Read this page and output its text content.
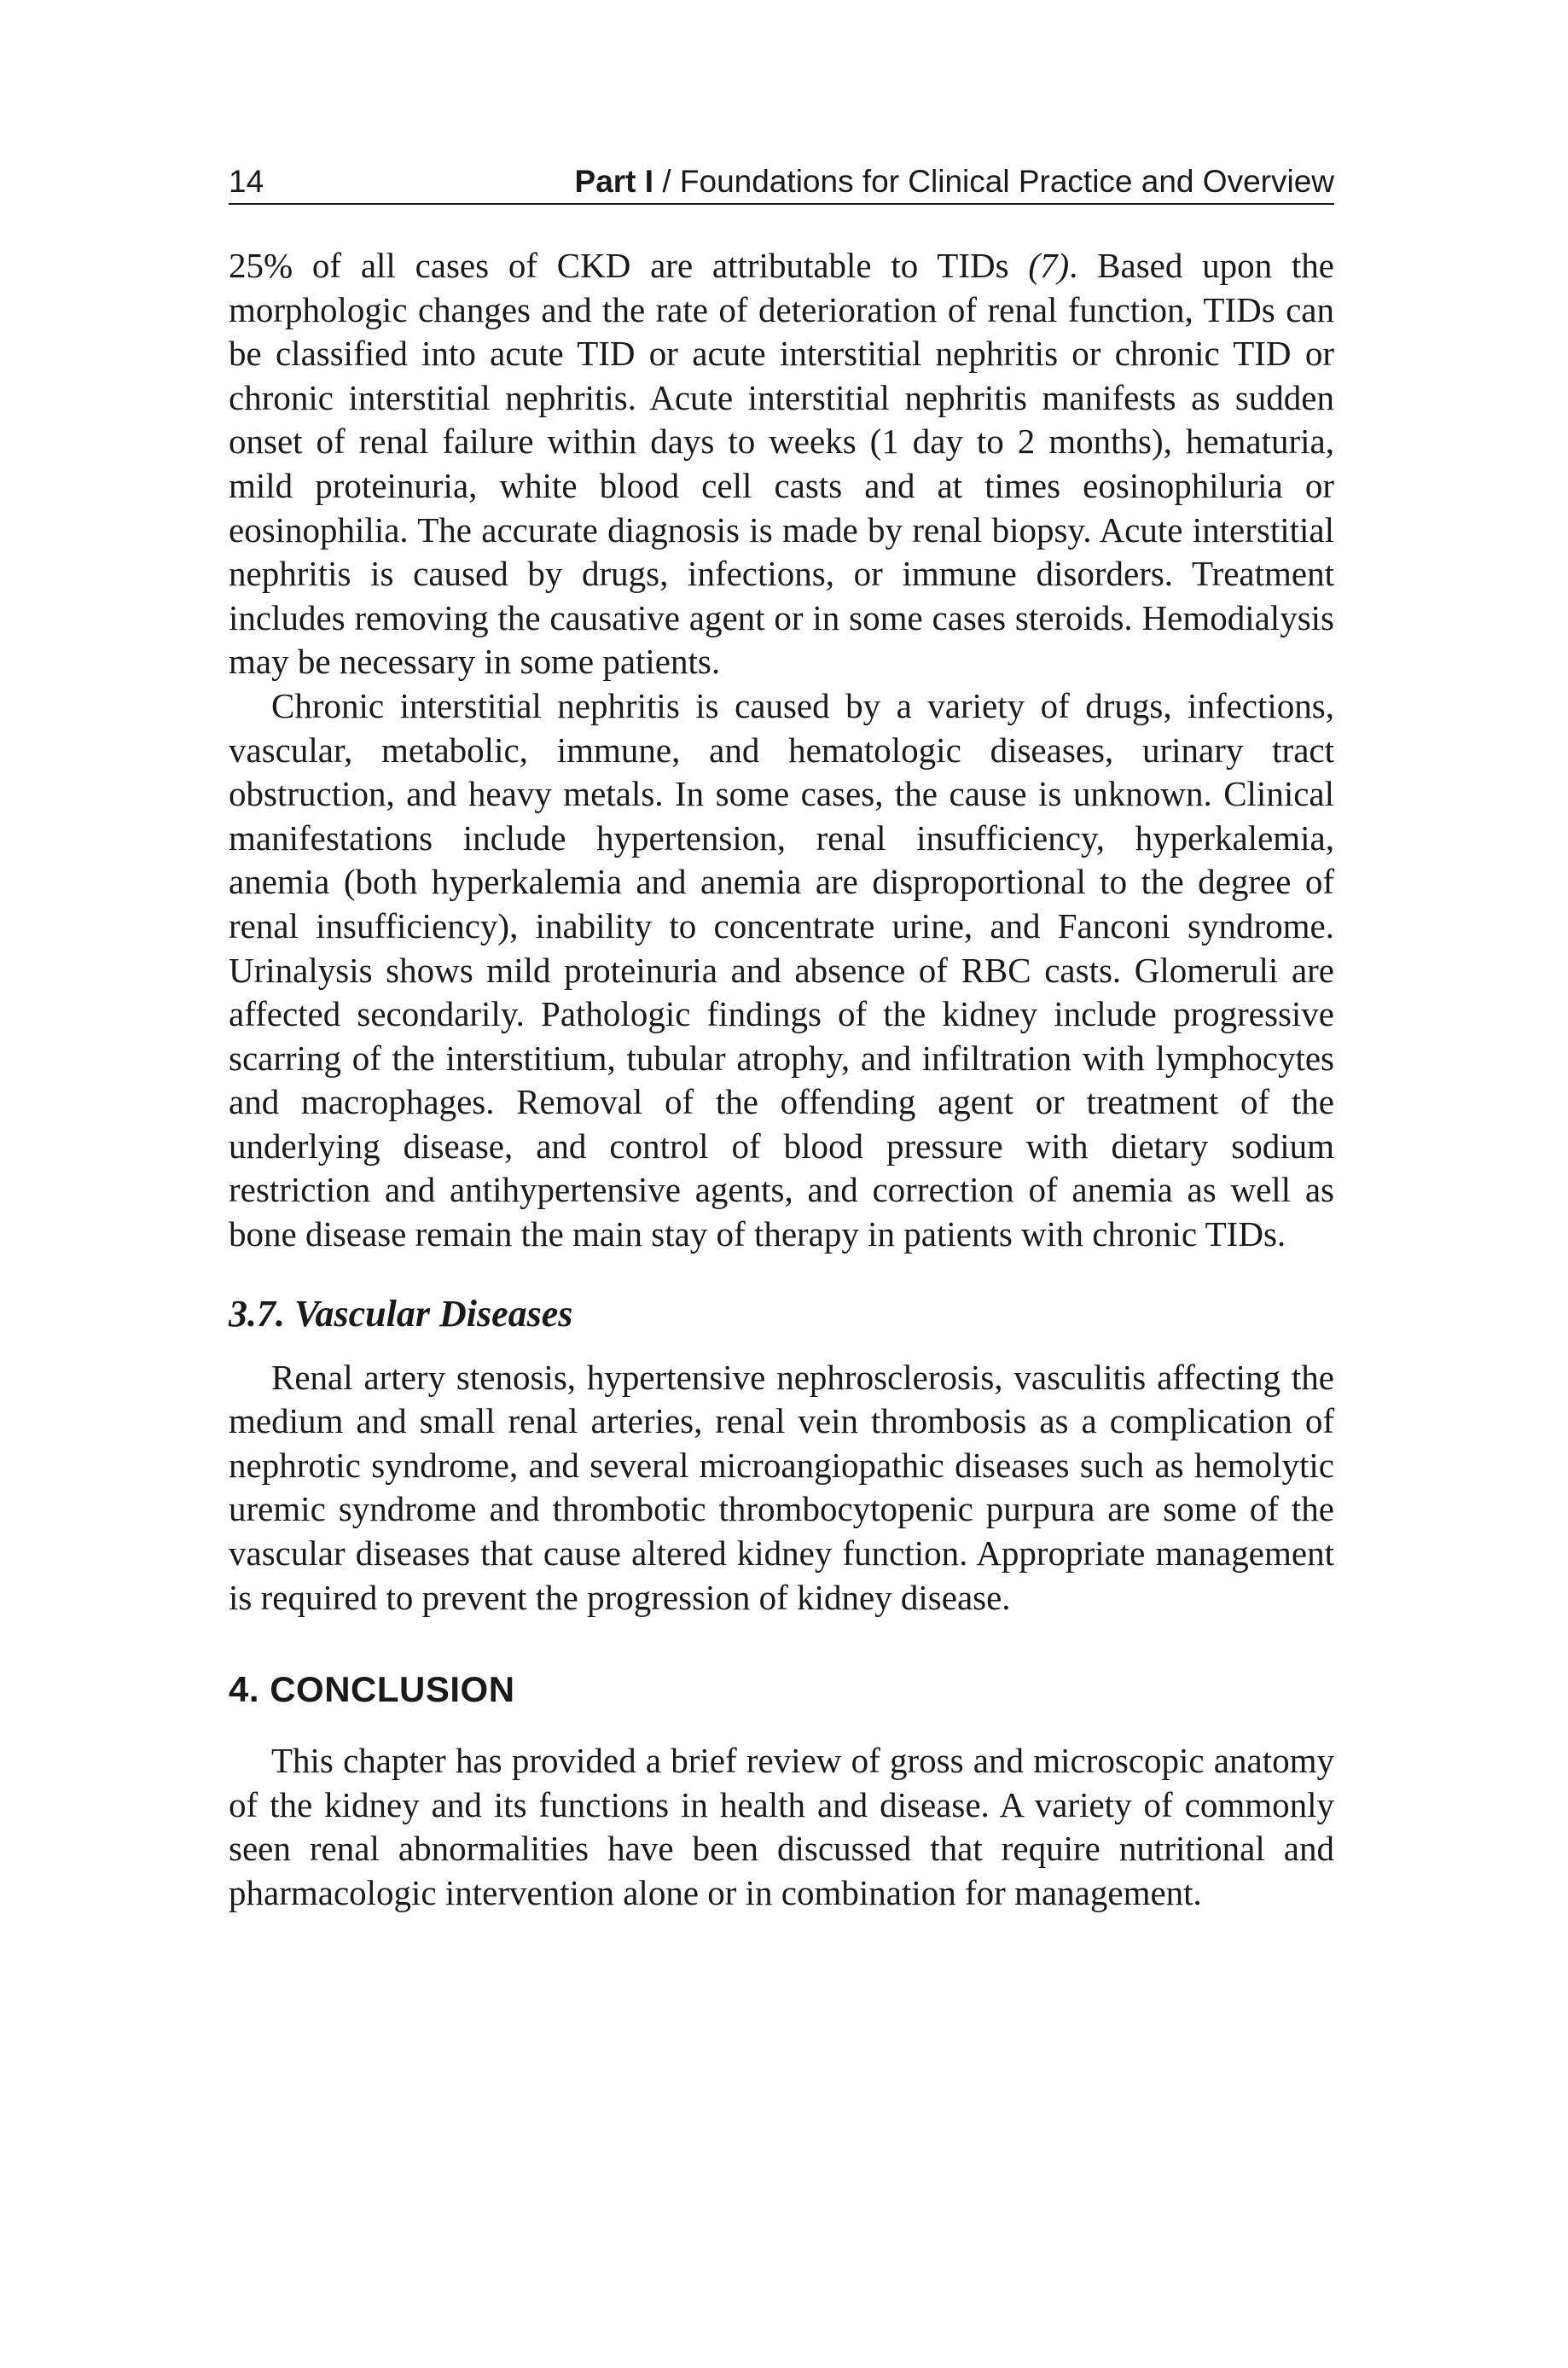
14	Part I / Foundations for Clinical Practice and Overview

25% of all cases of CKD are attributable to TIDs (7). Based upon the morphologic changes and the rate of deterioration of renal function, TIDs can be classified into acute TID or acute interstitial nephritis or chronic TID or chronic interstitial nephritis. Acute interstitial nephritis manifests as sudden onset of renal failure within days to weeks (1 day to 2 months), hematuria, mild proteinuria, white blood cell casts and at times eosinophiluria or eosinophilia. The accurate diagnosis is made by renal biopsy. Acute interstitial nephritis is caused by drugs, infections, or immune disorders. Treatment includes removing the causative agent or in some cases steroids. Hemodialysis may be necessary in some patients.

Chronic interstitial nephritis is caused by a variety of drugs, infections, vascular, metabolic, immune, and hematologic diseases, urinary tract obstruction, and heavy metals. In some cases, the cause is unknown. Clinical manifestations include hypertension, renal insufficiency, hyperkalemia, anemia (both hyperkalemia and anemia are disproportional to the degree of renal insufficiency), inability to concentrate urine, and Fanconi syndrome. Urinalysis shows mild proteinuria and absence of RBC casts. Glomeruli are affected secondarily. Pathologic findings of the kidney include progressive scarring of the interstitium, tubular atrophy, and infiltration with lymphocytes and macrophages. Removal of the offending agent or treatment of the underlying disease, and control of blood pressure with dietary sodium restriction and antihypertensive agents, and correction of anemia as well as bone disease remain the main stay of therapy in patients with chronic TIDs.

3.7. Vascular Diseases

Renal artery stenosis, hypertensive nephrosclerosis, vasculitis affecting the medium and small renal arteries, renal vein thrombosis as a complication of nephrotic syndrome, and several microangiopathic diseases such as hemolytic uremic syndrome and thrombotic thrombocytopenic purpura are some of the vascular diseases that cause altered kidney function. Appropriate management is required to prevent the progression of kidney disease.

4. CONCLUSION

This chapter has provided a brief review of gross and microscopic anatomy of the kidney and its functions in health and disease. A variety of commonly seen renal abnormalities have been discussed that require nutritional and pharmacologic intervention alone or in combination for management.
